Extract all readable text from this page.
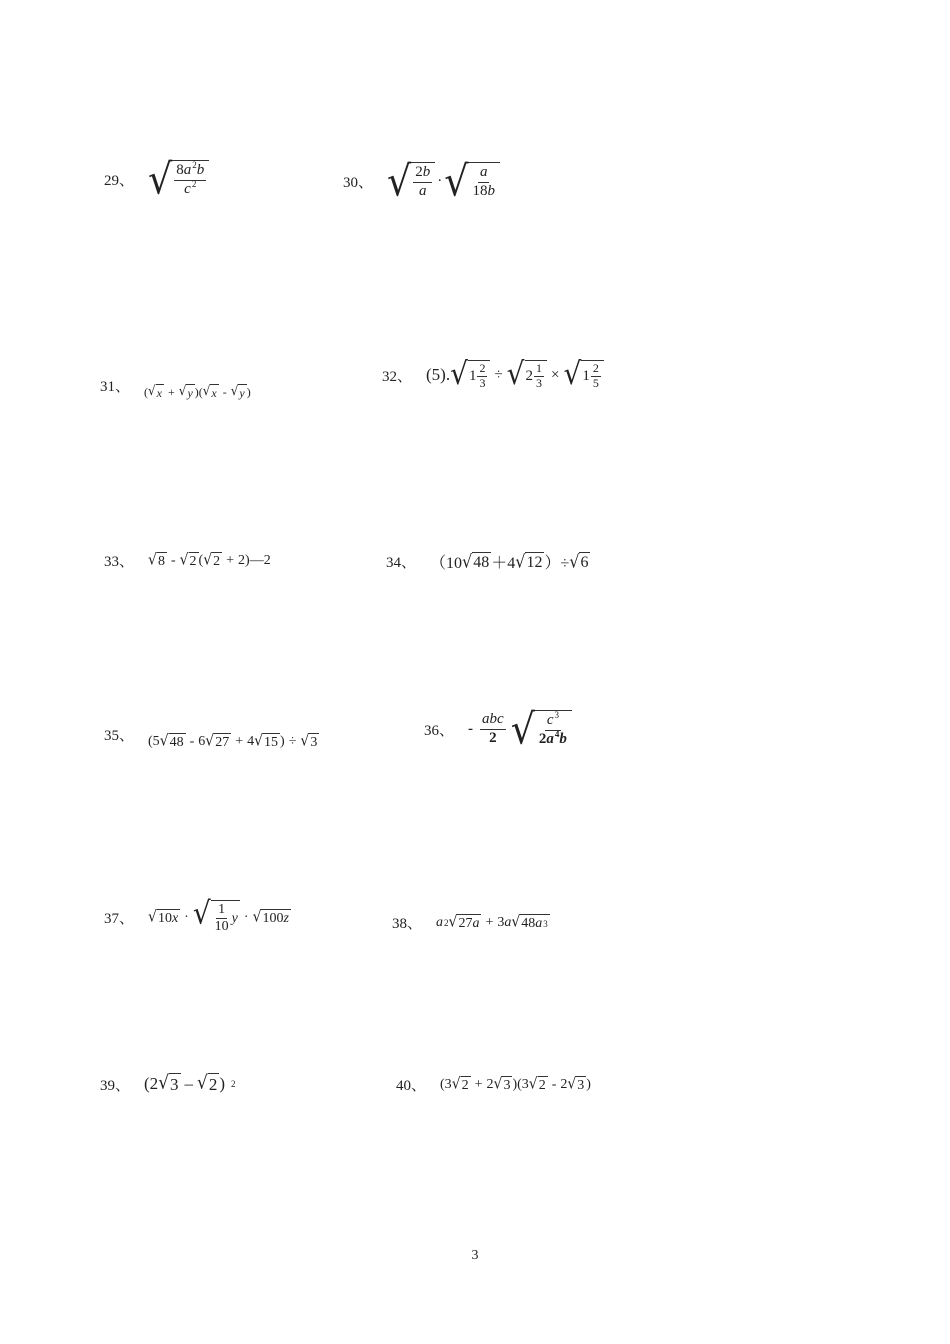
29、 √ $\frac{8a^2b}{c^2}$	30、 √ $\frac{2b}{a}$ · √ $\frac{a}{18b}$
31、 ( √ x + √ y )( √ x - √ y )
32、 (5). √ $1 \frac{2}{3}$ ÷ √ $2 \frac{1}{3}$ × √ $1 \frac{2}{5}$
33、 √ 8 - √ 2 ( √ 2 + 2)—2	34、 （10 √ 48 ＋4 √ 12 ）÷ √ 6
35、 (5 √ 48 - 6 √ 27 + 4 √ 15 ) ÷ √ 3
36、 - $\frac{\text{abc}}{2}$ √ $\frac{c^3}{2a^4b}$
37、 √ 10 x · √ $\frac{1}{10}$ y · √ 100 z	38、 a 2 √ 27 a + 3 a √ 48 a 3
39、 (2 √ 3 – √ 2 ) 2	40、 (3 √ 2 + 2 √ 3 )(3 √ 2 - 2 √ 3 )
3
